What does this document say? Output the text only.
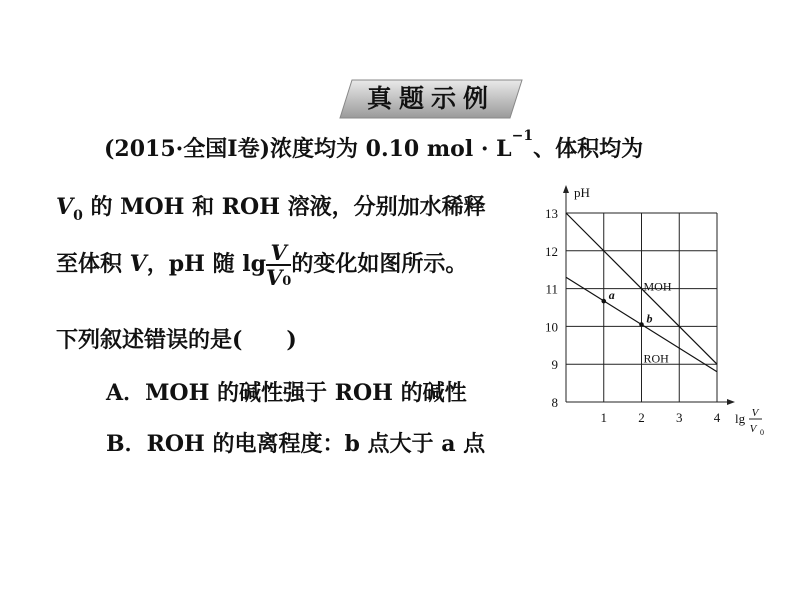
真题示例
(2015·全国Ⅰ卷)浓度均为 0.10 mol · $L^{-1}$、体积均为
$V_0$ 的 MOH 和 ROH 溶液，分别加水稀释
至体积 V，pH 随 $\lg \frac{V}{V0}$ 的变化如图所示。
下列叙述错误的是(　　)
A．MOH 的碱性强于 ROH 的碱性
B．ROH 的电离程度：b 点大于 a 点
pH
8
9
10
11
12
13
1 2 3 4 lg V
V 0
MOH
ROH
a
b
